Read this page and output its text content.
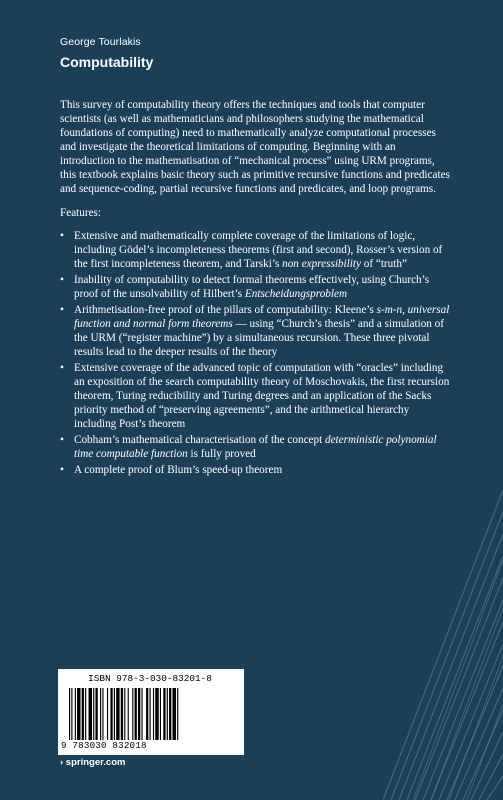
George Tourlakis
Computability

This survey of computability theory offers the techniques and tools that computer scientists (as well as mathematicians and philosophers studying the mathematical foundations of computing) need to mathematically analyze computational processes and investigate the theoretical limitations of computing. Beginning with an introduction to the mathematisation of “mechanical process” using URM programs, this textbook explains basic theory such as primitive recursive functions and predicates and sequence-coding, partial recursive functions and predicates, and loop programs.

Features:

• Extensive and mathematically complete coverage of the limitations of logic, including Gödel’s incompleteness theorems (first and second), Rosser’s version of the first incompleteness theorem, and Tarski’s non expressibility of “truth”
• Inability of computability to detect formal theorems effectively, using Church’s proof of the unsolvability of Hilbert’s Entscheidungsproblem
• Arithmetisation-free proof of the pillars of computability: Kleene’s s-m-n, universal function and normal form theorems — using “Church’s thesis” and a simulation of the URM (“register machine”) by a simultaneous recursion. These three pivotal results lead to the deeper results of the theory
• Extensive coverage of the advanced topic of computation with “oracles” including an exposition of the search computability theory of Moschovakis, the first recursion theorem, Turing reducibility and Turing degrees and an application of the Sacks priority method of “preserving agreements”, and the arithmetical hierarchy including Post’s theorem
• Cobham’s mathematical characterisation of the concept deterministic polynomial time computable function is fully proved
• A complete proof of Blum’s speed-up theorem
ISBN 978-3-030-83201-8
9 783030 832018
› springer.com
